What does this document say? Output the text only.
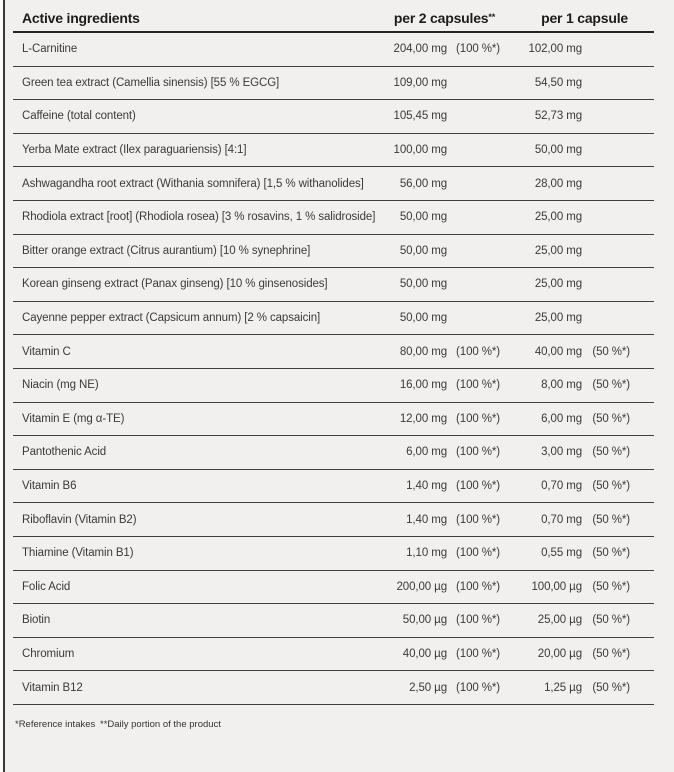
Active ingredients	per 2 capsules**	per 1 capsule
L-Carnitine	204,00 mg (100 %*) 102,00 mg
Green tea extract (Camellia sinensis) [55 % EGCG]	109,00 mg	54,50 mg
Caffeine (total content)	105,45 mg	52,73 mg
Yerba Mate extract (Ilex paraguariensis) [4:1]	100,00 mg	50,00 mg
Ashwagandha root extract (Withania somnifera) [1,5 % withanolides]	56,00 mg	28,00 mg
Rhodiola extract [root] (Rhodiola rosea) [3 % rosavins, 1 % salidroside]	50,00 mg	25,00 mg
Bitter orange extract (Citrus aurantium) [10 % synephrine]	50,00 mg	25,00 mg
Korean ginseng extract (Panax ginseng) [10 % ginsenosides]	50,00 mg	25,00 mg
Cayenne pepper extract (Capsicum annum) [2 % capsaicin]	50,00 mg	25,00 mg
Vitamin C	80,00 mg (100 %*)	40,00 mg (50 %*)
Niacin (mg NE)	16,00 mg (100 %*)	8,00 mg (50 %*)
Vitamin E (mg α-TE)	12,00 mg (100 %*)	6,00 mg (50 %*)
Pantothenic Acid	6,00 mg (100 %*)	3,00 mg (50 %*)
Vitamin B6	1,40 mg (100 %*)	0,70 mg (50 %*)
Riboflavin (Vitamin B2)	1,40 mg (100 %*)	0,70 mg (50 %*)
Thiamine (Vitamin B1)	1,10 mg (100 %*)	0,55 mg (50 %*)
Folic Acid	200,00 µg (100 %*)	100,00 µg (50 %*)
Biotin	50,00 µg (100 %*)	25,00 µg (50 %*)
Chromium	40,00 µg (100 %*)	20,00 µg (50 %*)
Vitamin B12	2,50 µg (100 %*)	1,25 µg (50 %*)
*Reference intakes **Daily portion of the product
